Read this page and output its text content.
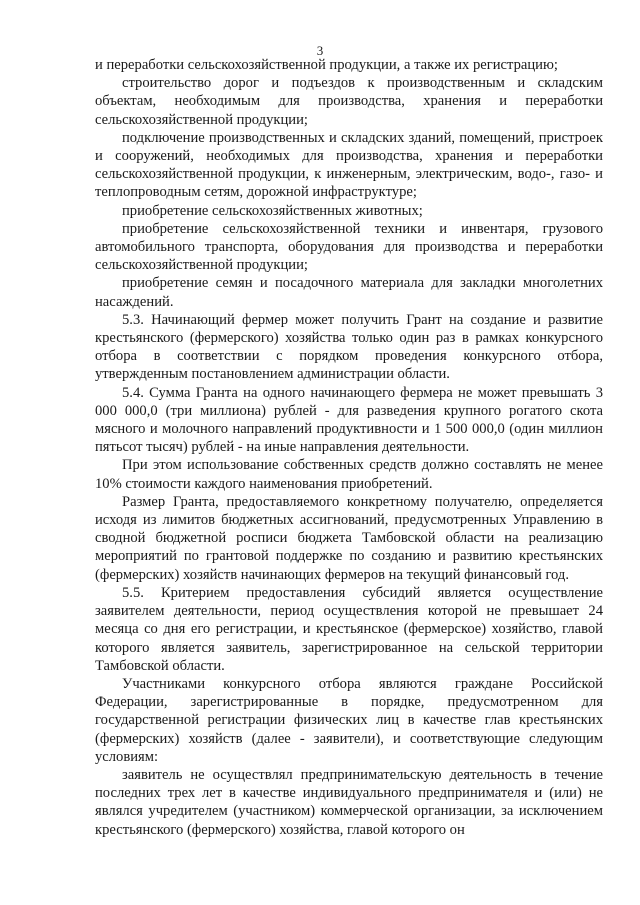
3

и переработки сельскохозяйственной продукции, а также их регистрацию;

строительство дорог и подъездов к производственным и складским объектам, необходимым для производства, хранения и переработки сельскохозяйственной продукции;

подключение производственных и складских зданий, помещений, пристроек и сооружений, необходимых для производства, хранения и переработки сельскохозяйственной продукции, к инженерным, электрическим, водо-, газо- и теплопроводным сетям, дорожной инфраструктуре;

приобретение сельскохозяйственных животных;

приобретение сельскохозяйственной техники и инвентаря, грузового автомобильного транспорта, оборудования для производства и переработки сельскохозяйственной продукции;

приобретение семян и посадочного материала для закладки многолетних насаждений.

5.3. Начинающий фермер может получить Грант на создание и развитие крестьянского (фермерского) хозяйства только один раз в рамках конкурсного отбора в соответствии с порядком проведения конкурсного отбора, утвержденным постановлением администрации области.

5.4. Сумма Гранта на одного начинающего фермера не может превышать 3 000 000,0 (три миллиона) рублей - для разведения крупного рогатого скота мясного и молочного направлений продуктивности и 1 500 000,0 (один миллион пятьсот тысяч) рублей - на иные направления деятельности.

При этом использование собственных средств должно составлять не менее 10% стоимости каждого наименования приобретений.

Размер Гранта, предоставляемого конкретному получателю, определяется исходя из лимитов бюджетных ассигнований, предусмотренных Управлению в сводной бюджетной росписи бюджета Тамбовской области на реализацию мероприятий по грантовой поддержке по созданию и развитию крестьянских (фермерских) хозяйств начинающих фермеров на текущий финансовый год.

5.5. Критерием предоставления субсидий является осуществление заявителем деятельности, период осуществления которой не превышает 24 месяца со дня его регистрации, и крестьянское (фермерское) хозяйство, главой которого является заявитель, зарегистрированное на сельской территории Тамбовской области.

Участниками конкурсного отбора являются граждане Российской Федерации, зарегистрированные в порядке, предусмотренном для государственной регистрации физических лиц в качестве глав крестьянских (фермерских) хозяйств (далее - заявители), и соответствующие следующим условиям:

заявитель не осуществлял предпринимательскую деятельность в течение последних трех лет в качестве индивидуального предпринимателя и (или) не являлся учредителем (участником) коммерческой организации, за исключением крестьянского (фермерского) хозяйства, главой которого он
